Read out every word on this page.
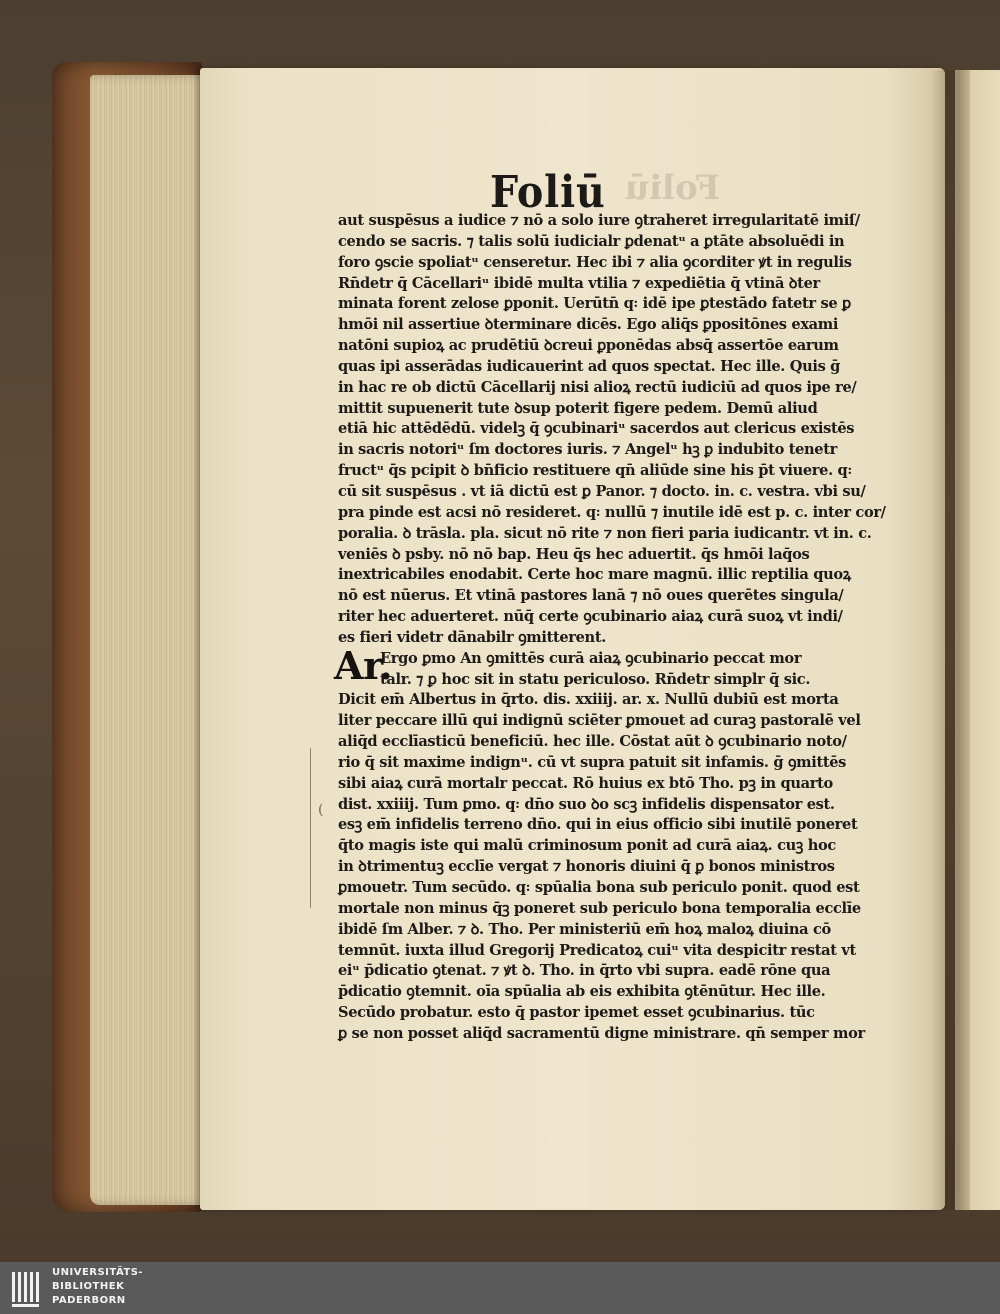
Foliū
Foliū
aut suspēsus a iudice ⁊ nō a solo iure ꝯtraheret irregularitatē imiſ/
cendo se sacris. ⁊ talis solū iudicialr ꝑdenatᵘ a ꝑtāte absoluēdi in
foro ꝯscie spoliatᵘ censeretur. Hec ibi ⁊ alia ꝯcorditer ꝟt in regulis
Rn̄detr q̄ Cācellariᵘ ibidē multa vtilia ⁊ expediētia q̄ vtinā ꝺter
minata forent zelose ꝑponit. Uerūtn̄ q꞉ idē ipe ꝑtestādo fatetr se ꝑ
hmōi nil assertiue ꝺterminare dicēs. Ego aliq̄s ꝑpositōnes exami
natōni supioꝝ ac prudētiū ꝺcreui ꝑponēdas absq̄ assertōe earum
quas ipi asserādas iudicauerint ad quos spectat. Hec ille. Quis ḡ
in hac re ob dictū Cācellarij nisi alioꝝ rectū iudiciū ad quos ipe re/
mittit supuenerit tute ꝺsup poterit figere pedem. Demū aliud
etiā hic attēdēdū. videlꝫ q̄ ꝯcubinariᵘ sacerdos aut clericus existēs
in sacris notoriᵘ ſm doctores iuris. ⁊ Angelᵘ hꝫ ꝑ indubito tenetr
fructᵘ q̄s pcipit ꝺ bn̄ficio restituere qn̄ aliūde sine his p̄t viuere. q꞉
cū sit suspēsus . vt iā dictū est ꝑ Panor. ⁊ docto. in. c. vestra. vbi su/
pra pinde est acsi nō resideret. q꞉ nullū ⁊ inutile idē est p. c. inter cor/
poralia. ꝺ trāsla. pla. sicut nō rite ⁊ non fieri paria iudicantr. vt in. c.
veniēs ꝺ psby. nō nō bap. Heu q̄s hec aduertit. q̄s hmōi laq̄os
inextricabiles enodabit. Certe hoc mare magnū. illic reptilia quoꝝ
nō est nūerus. Et vtinā pastores lanā ⁊ nō oues querētes singula/
riter hec aduerteret. nūq̄ certe ꝯcubinario aiaꝝ curā suoꝝ vt indi/
es fieri videtr dānabilr ꝯmitterent.
Ar.
Ergo ꝑmo An ꝯmittēs curā aiaꝝ ꝯcubinario peccat mor
talr. ⁊ ꝑ hoc sit in statu periculoso. Rn̄detr simplr q̄ sic.
Dicit em̄ Albertus in q̄rto. dis. xxiiij. ar. x. Nullū dubiū est morta
liter peccare illū qui indignū sciēter ꝑmouet ad curaꝫ pastoralē vel
aliq̄d ecclīasticū beneficiū. hec ille. Cōstat aūt ꝺ ꝯcubinario noto/
rio q̄ sit maxime indignᵘ. cū vt supra patuit sit infamis. ḡ ꝯmittēs
sibi aiaꝝ curā mortalr peccat. Rō huius ex btō Tho. pꝫ in quarto
dist. xxiiij. Tum ꝑmo. q꞉ dn̄o suo ꝺo scꝫ infidelis dispensator est.
esꝫ em̄ infidelis terreno dn̄o. qui in eius officio sibi inutilē poneret
q̄to magis iste qui malū criminosum ponit ad curā aiaꝝ. cuꝫ hoc
in ꝺtrimentuꝫ ecclīe vergat ⁊ honoris diuini q̄ ꝑ bonos ministros
ꝑmouetr. Tum secūdo. q꞉ spūalia bona sub periculo ponit. quod est
mortale non minus q̄ꝫ poneret sub periculo bona temporalia ecclīe
ibidē ſm Alber. ⁊ ꝺ. Tho. Per ministeriū em̄ hoꝝ maloꝝ diuina cō
temnūt. iuxta illud Gregorij Predicatoꝝ cuiᵘ vita despicitr restat vt
eiᵘ p̄dicatio ꝯtenat. ⁊ ꝟt ꝺ. Tho. in q̄rto vbi supra. eadē rōne qua
p̄dicatio ꝯtemnit. oīa spūalia ab eis exhibita ꝯtēnūtur. Hec ille.
Secūdo probatur. esto q̄ pastor ipemet esset ꝯcubinarius. tūc
ꝑ se non posset aliq̄d sacramentū digne ministrare. qn̄ semper mor
(
UNIVERSITÄTS-
BIBLIOTHEK
PADERBORN
